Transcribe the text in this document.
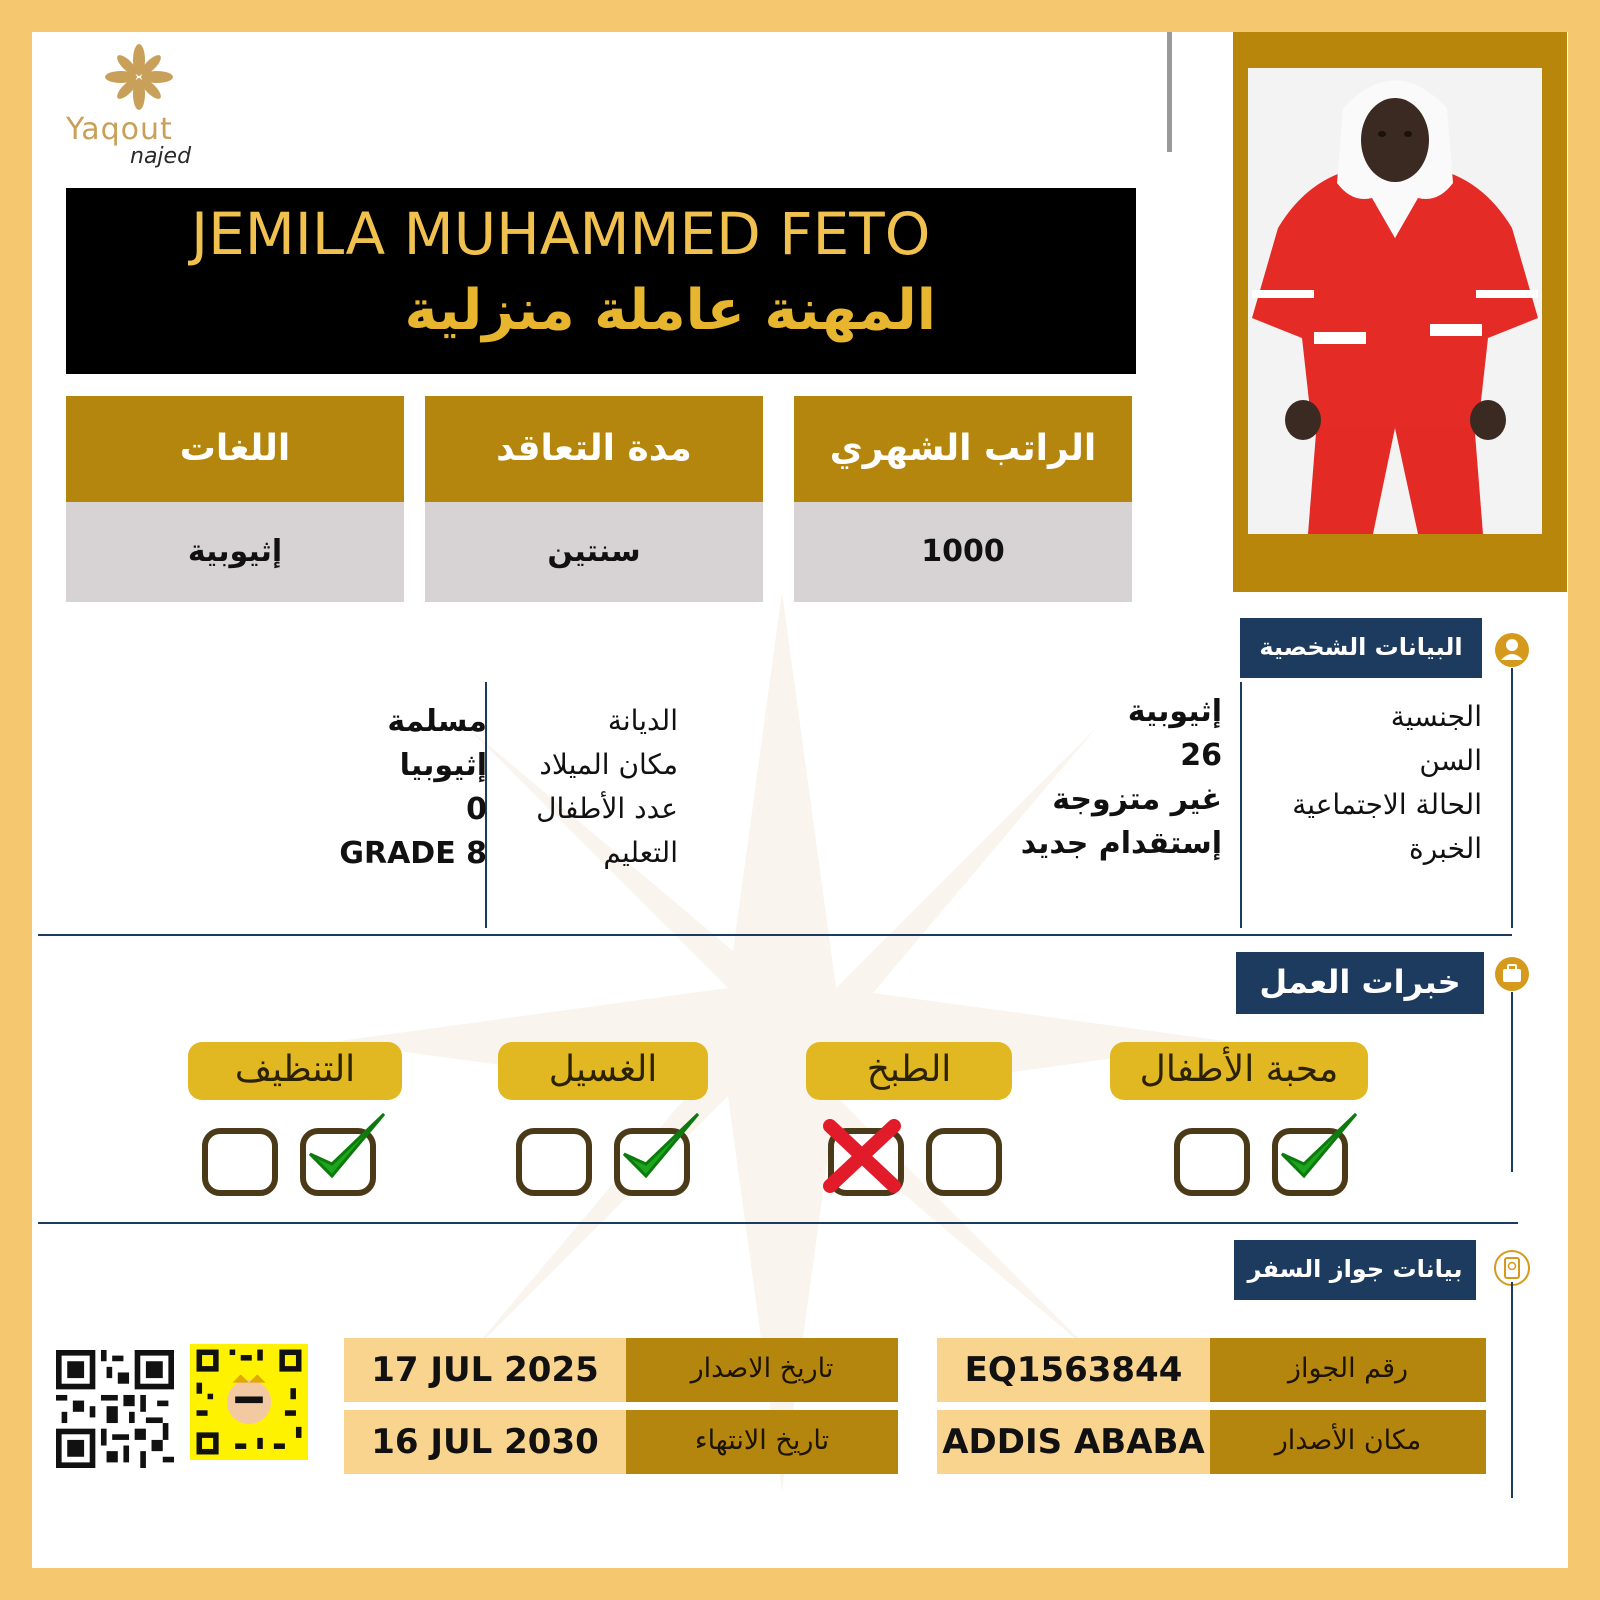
Yaqout
najed
JEMILA MUHAMMED FETO
المهنة عاملة منزلية
الراتب الشهري
1000
مدة التعاقد
سنتين
اللغات
إثيوبية
البيانات الشخصية
الجنسية
إثيوبية
السن
26
الحالة الاجتماعية
غير متزوجة
الخبرة
إستقدام جديد
الديانة
مسلمة
مكان الميلاد
إثيوبيا
عدد الأطفال
0
التعليم
GRADE 8
خبرات العمل
محبة الأطفال
الطبخ
الغسيل
التنظيف
بيانات جواز السفر
رقم الجواز
EQ1563844
مكان الأصدار
ADDIS ABABA
تاريخ الاصدار
17 JUL 2025
تاريخ الانتهاء
16 JUL 2030
